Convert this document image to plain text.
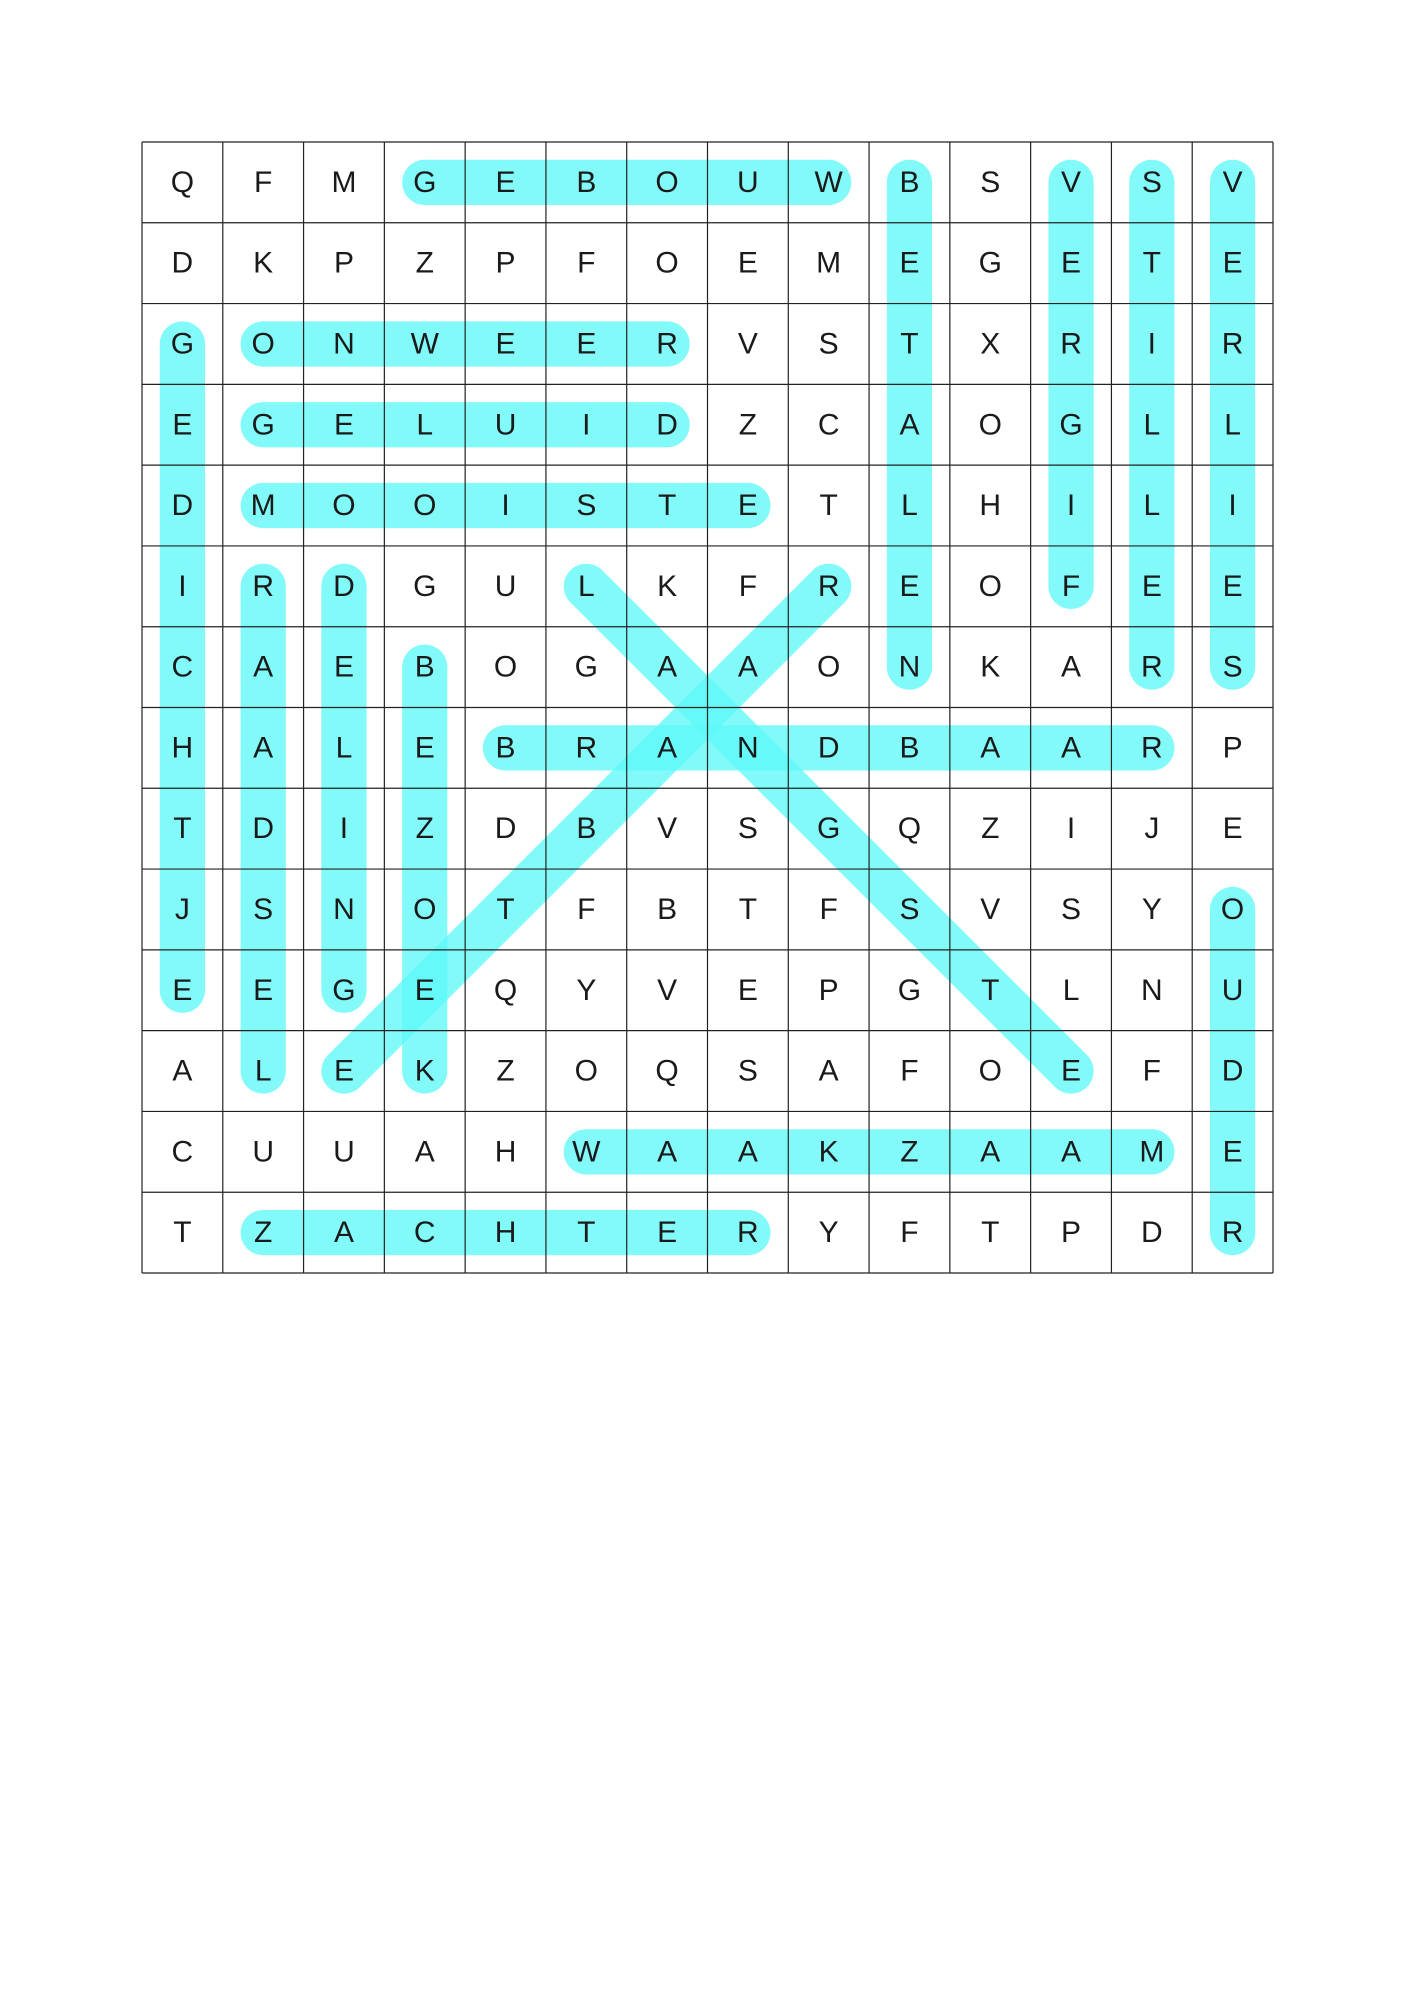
Q F M G E B O U W B S V S V
D K P Z P F O E M E G E T E
G O N W E E R V S T X R I R
E G E L U I D Z C A O G L L
D M O O I S T E T L H I L I
I R D G U L K F R E O F E E
C A E B O G A A O N K A R S
H A L E B R A N D B A A R P
T D I Z D B V S G Q Z I J E
J S N O T F B T F S V S Y O
E E G E Q Y V E P G T L N U
A L E K Z O Q S A F O E F D
C U U A H W A A K Z A A M E
T Z A C H T E R Y F T P D R
